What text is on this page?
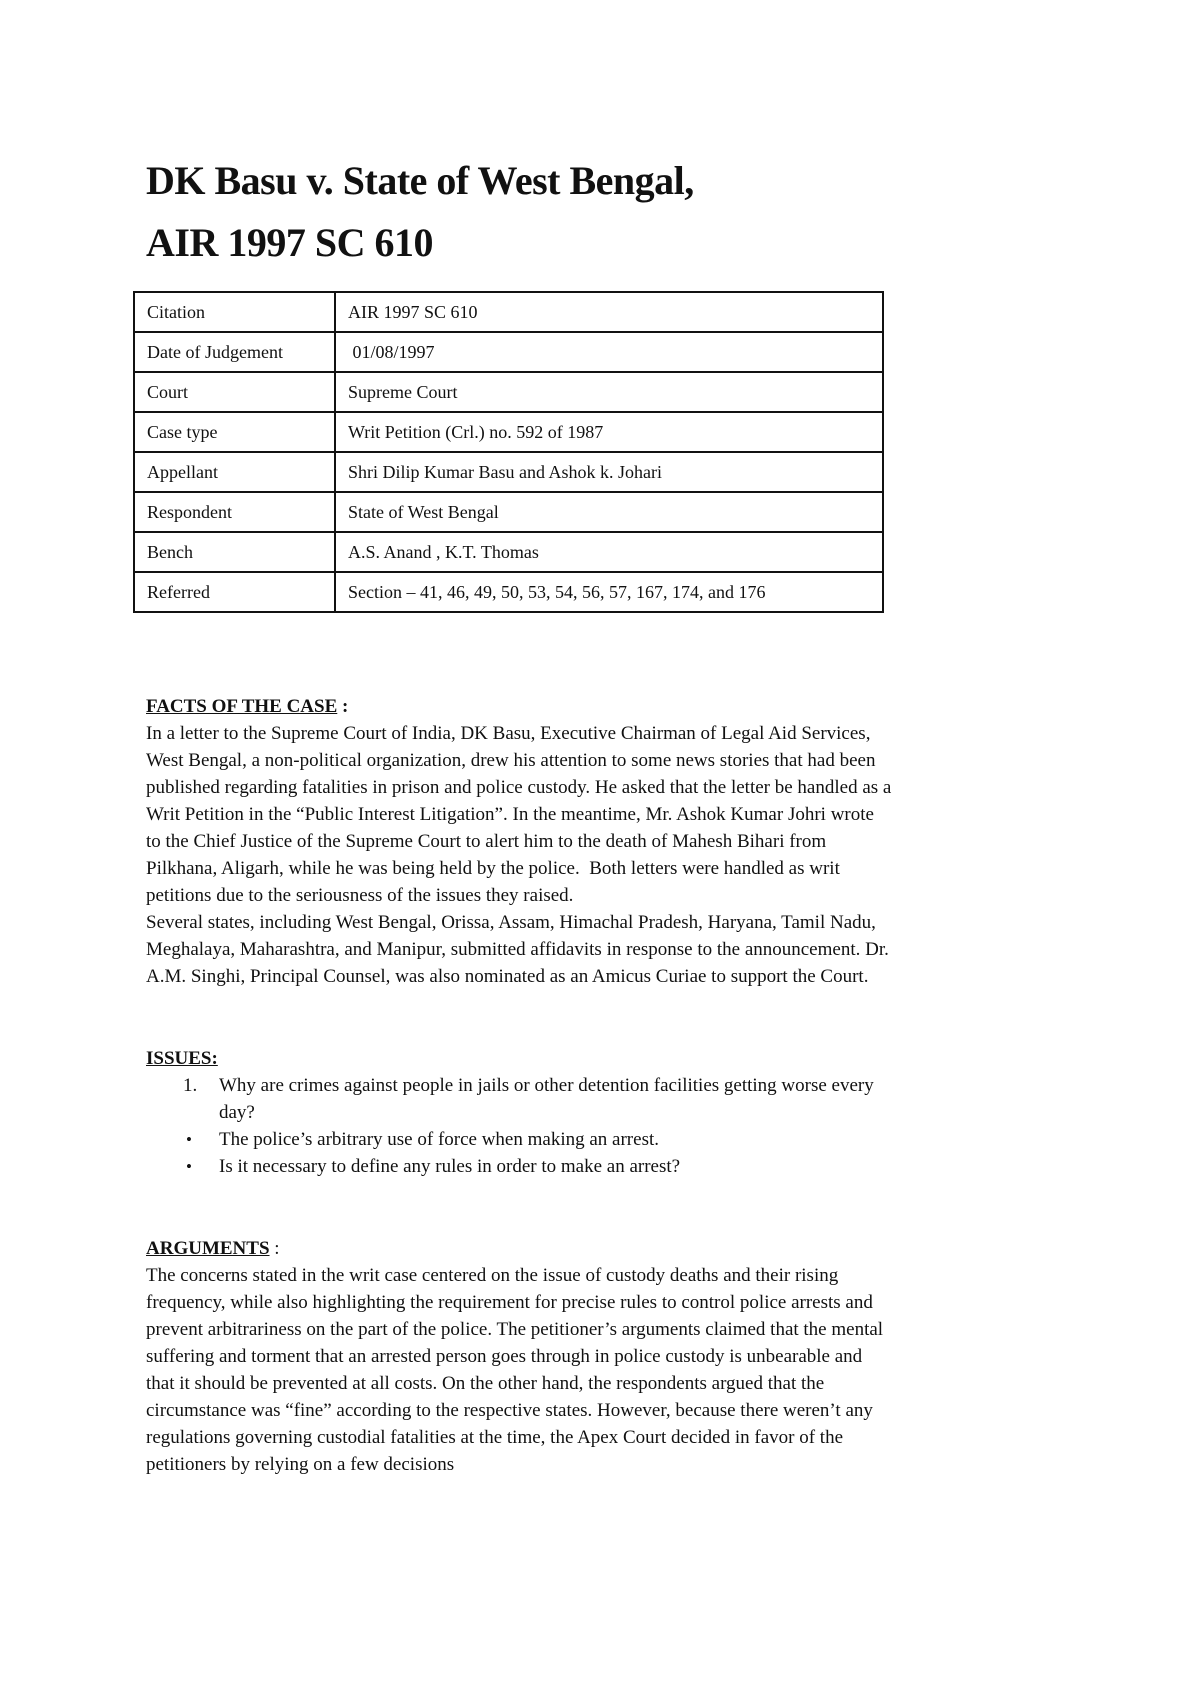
DK Basu v. State of West Bengal,
AIR 1997 SC 610
Citation	AIR 1997 SC 610
Date of Judgement	01/08/1997
Court	Supreme Court
Case type	Writ Petition (Crl.) no. 592 of 1987
Appellant	Shri Dilip Kumar Basu and Ashok k. Johari
Respondent	State of West Bengal
Bench	A.S. Anand , K.T. Thomas
Referred	Section – 41, 46, 49, 50, 53, 54, 56, 57, 167, 174, and 176
FACTS OF THE CASE :

In a letter to the Supreme Court of India, DK Basu, Executive Chairman of Legal Aid Services,

West Bengal, a non-political organization, drew his attention to some news stories that had been

published regarding fatalities in prison and police custody. He asked that the letter be handled as a

Writ Petition in the “Public Interest Litigation”. In the meantime, Mr. Ashok Kumar Johri wrote

to the Chief Justice of the Supreme Court to alert him to the death of Mahesh Bihari from

Pilkhana, Aligarh, while he was being held by the police.  Both letters were handled as writ

petitions due to the seriousness of the issues they raised.

Several states, including West Bengal, Orissa, Assam, Himachal Pradesh, Haryana, Tamil Nadu,

Meghalaya, Maharashtra, and Manipur, submitted affidavits in response to the announcement. Dr.

A.M. Singhi, Principal Counsel, was also nominated as an Amicus Curiae to support the Court.

ISSUES:
1. Why are crimes against people in jails or other detention facilities getting worse every
day?
• The police’s arbitrary use of force when making an arrest.
• Is it necessary to define any rules in order to make an arrest?
ARGUMENTS :

The concerns stated in the writ case centered on the issue of custody deaths and their rising

frequency, while also highlighting the requirement for precise rules to control police arrests and

prevent arbitrariness on the part of the police. The petitioner’s arguments claimed that the mental

suffering and torment that an arrested person goes through in police custody is unbearable and

that it should be prevented at all costs. On the other hand, the respondents argued that the

circumstance was “fine” according to the respective states. However, because there weren’t any

regulations governing custodial fatalities at the time, the Apex Court decided in favor of the

petitioners by relying on a few decisions
